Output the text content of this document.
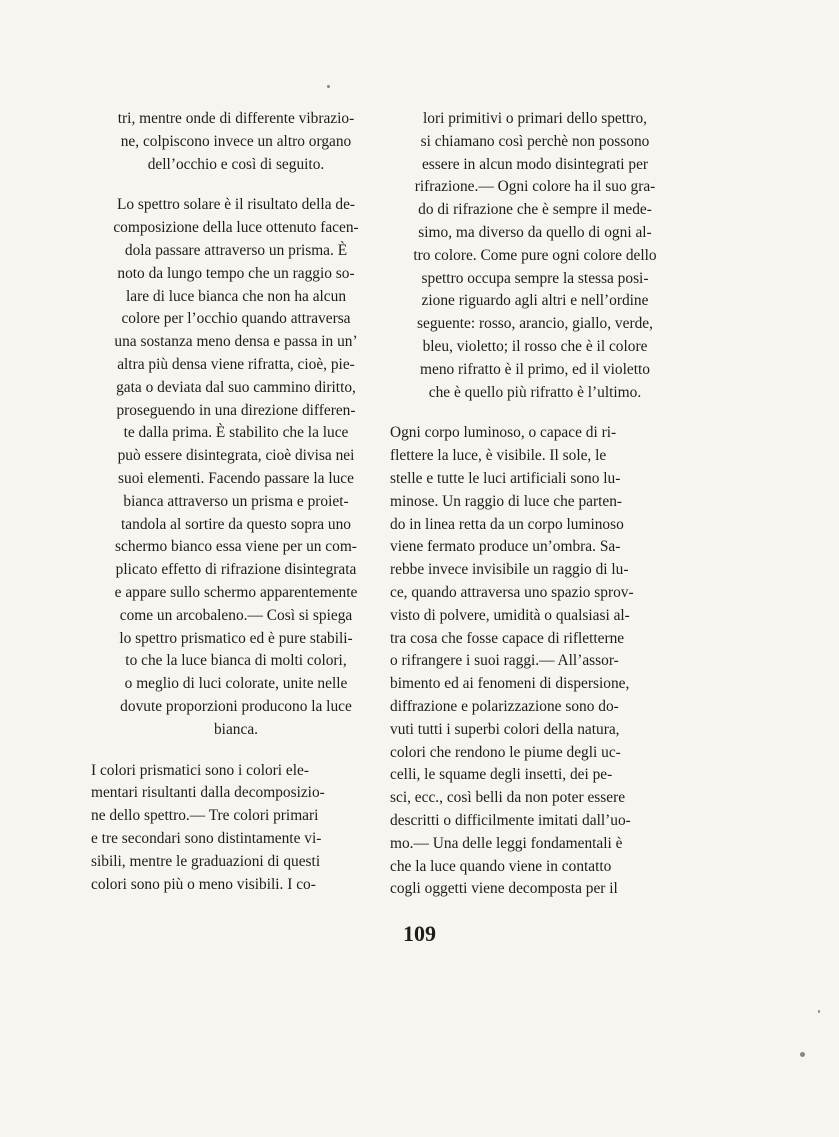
tri, mentre onde di differente vibrazio-
ne, colpiscono invece un altro organo
dell’occhio e così di seguito.

Lo spettro solare è il risultato della de-
composizione della luce ottenuto facen-
dola passare attraverso un prisma. È
noto da lungo tempo che un raggio so-
lare di luce bianca che non ha alcun
colore per l’occhio quando attraversa
una sostanza meno densa e passa in un’
altra più densa viene rifratta, cioè, pie-
gata o deviata dal suo cammino diritto,
proseguendo in una direzione differen-
te dalla prima. È stabilito che la luce
può essere disintegrata, cioè divisa nei
suoi elementi. Facendo passare la luce
bianca attraverso un prisma e proiet-
tandola al sortire da questo sopra uno
schermo bianco essa viene per un com-
plicato effetto di rifrazione disintegrata
e appare sullo schermo apparentemente
come un arcobaleno.— Così si spiega
lo spettro prismatico ed è pure stabili-
to che la luce bianca di molti colori,
o meglio di luci colorate, unite nelle
dovute proporzioni producono la luce
bianca.

I colori prismatici sono i colori ele-
mentari risultanti dalla decomposizio-
ne dello spettro.— Tre colori primari
e tre secondari sono distintamente vi-
sibili, mentre le graduazioni di questi
colori sono più o meno visibili. I co-

lori primitivi o primari dello spettro,
si chiamano così perchè non possono
essere in alcun modo disintegrati per
rifrazione.— Ogni colore ha il suo gra-
do di rifrazione che è sempre il mede-
simo, ma diverso da quello di ogni al-
tro colore. Come pure ogni colore dello
spettro occupa sempre la stessa posi-
zione riguardo agli altri e nell’ordine
seguente: rosso, arancio, giallo, verde,
bleu, violetto; il rosso che è il colore
meno rifratto è il primo, ed il violetto
che è quello più rifratto è l’ultimo.

Ogni corpo luminoso, o capace di ri-
flettere la luce, è visibile. Il sole, le
stelle e tutte le luci artificiali sono lu-
minose. Un raggio di luce che parten-
do in linea retta da un corpo luminoso
viene fermato produce un’ombra. Sa-
rebbe invece invisibile un raggio di lu-
ce, quando attraversa uno spazio sprov-
visto di polvere, umidità o qualsiasi al-
tra cosa che fosse capace di rifletterne
o rifrangere i suoi raggi.— All’assor-
bimento ed ai fenomeni di dispersione,
diffrazione e polarizzazione sono do-
vuti tutti i superbi colori della natura,
colori che rendono le piume degli uc-
celli, le squame degli insetti, dei pe-
sci, ecc., così belli da non poter essere
descritti o difficilmente imitati dall’uo-
mo.— Una delle leggi fondamentali è
che la luce quando viene in contatto
cogli oggetti viene decomposta per il

109
